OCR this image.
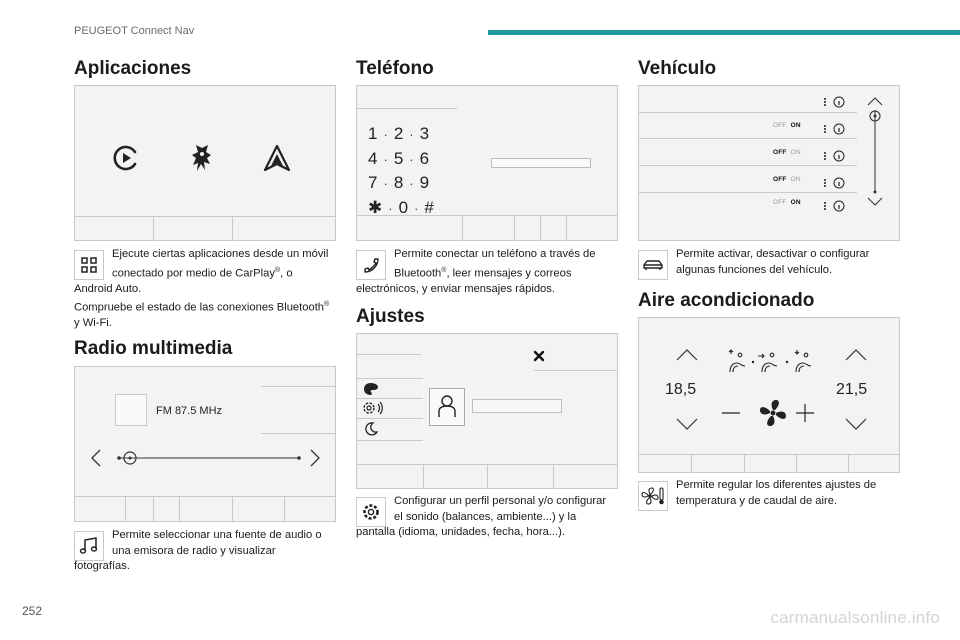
PEUGEOT Connect Nav
Aplicaciones
Ejecute ciertas aplicaciones desde un móvil
conectado por medio de CarPlay®, o
Android Auto.
Compruebe el estado de las conexiones Bluetooth®
y Wi-Fi.
Radio multimedia
FM 87.5 MHz
Permite seleccionar una fuente de audio o
una emisora de radio y visualizar
fotografías.
Teléfono
1 · 2 · 3
4 · 5 · 6
7 · 8 · 9
✱ · 0 · #
Permite conectar un teléfono a través de
Bluetooth®, leer mensajes y correos
electrónicos, y enviar mensajes rápidos.
Ajustes
Configurar un perfil personal y/o configurar
el sonido (balances, ambiente...) y la
pantalla (idioma, unidades, fecha, hora...).
Vehículo
OFF ON
OFF ON
OFF ON
OFF ON
Permite activar, desactivar o configurar
algunas funciones del vehículo.
Aire acondicionado
18,5	21,5
Permite regular los diferentes ajustes de
temperatura y de caudal de aire.
252	carmanualsonline.info
